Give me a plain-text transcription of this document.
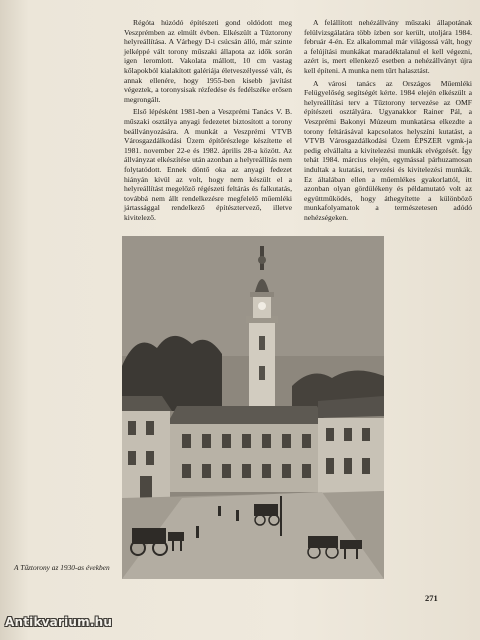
Régóta húzódó építészeti gond oldódott meg Veszprémben az elmúlt évben. Elkészült a Tűztorony helyreállítása. A Várhegy D-i csúcsán álló, már szinte jelképpé vált torony műszaki állapota az idők során igen leromlott. Vakolata mállott, 10 cm vastag kőlapokból kialakított galériája életveszélyessé vált, és annak ellenére, hogy 1955-ben kisebb javítást végeztek, a toronysisak rézfedése és fedélszéke erősen megrongált.

Első lépésként 1981-ben a Veszprémi Tanács V. B. műszaki osztálya anyagi fedezetet biztosított a torony beállványozására. A munkát a Veszprémi VTVB Városgazdálkodási Üzem építőrészlege készítette el 1981. november 22-e és 1982. április 28-a között. Az állványzat elkészítése után azonban a helyreállítás nem folytatódott. Ennek döntő oka az anyagi fedezet hiányán kívül az volt, hogy nem készült el a helyreállítást megelőző régészeti feltárás és falkutatás, továbbá nem állt rendelkezésre megfelelő műemléki jártassággal rendelkező építésztervező, illetve kivitelező.

A felállított nehézállvány műszaki állapotának felülvizsgálatára több ízben sor került, utoljára 1984. február 4-én. Ez alkalommal már világossá vált, hogy a felújítási munkákat maradéktalanul el kell végezni, azért is, mert ellenkező esetben a nehézállványt újra kell építeni. A munka nem tűrt halasztást.

A városi tanács az Országos Műemléki Felügyelőség segítségét kérte. 1984 elején elkészült a helyreállítási terv a Tűztorony tervezése az OMF építészeti osztályára. Ugyanakkor Rainer Pál, a Veszprémi Bakonyi Múzeum munkatársa elkezdte a torony feltárásával kapcsolatos helyszíni kutatást, a VTVB Városgazdálkodási Üzem ÉPSZER vgmk-ja pedig elvállalta a kivitelezési munkák elvégzését. Így tehát 1984. március elején, egymással párhuzamosan indultak a kutatási, tervezési és kivitelezési munkák. Ez általában ellen a műemlékes gyakorlattól, itt azonban olyan gördülékeny és példamutató volt az együttműködés, hogy áthegyítette a különböző munkafolyamatok a természetesen adódó nehézségeken.

A Tűztorony az 1930-as években
271
Antikvarium.hu
